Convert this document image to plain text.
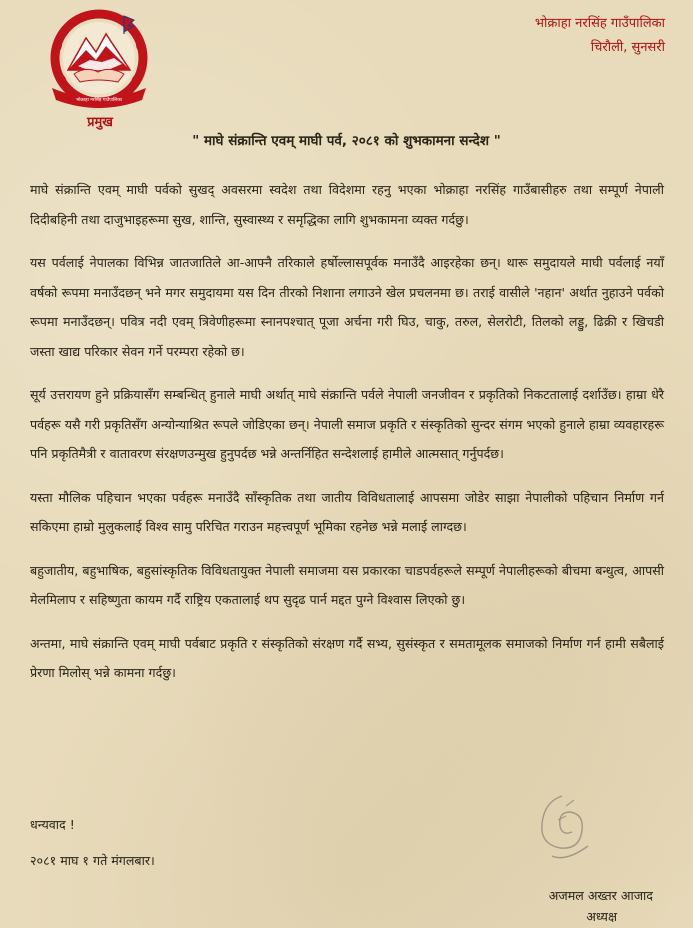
भोक्राहा नरसिंह गाउँपालिका
प्रमुख
भोक्राहा नरसिंह गाउँपालिका
चिरौली, सुनसरी
" माघे संक्रान्ति एवम् माघी पर्व, २०८१ को शुभकामना सन्देश "

माघे संक्रान्ति एवम् माघी पर्वको सुखद् अवसरमा स्वदेश तथा विदेशमा रहनु भएका भोक्राहा नरसिंह गाउँबासीहरु तथा सम्पूर्ण नेपाली दिदीबहिनी तथा दाजुभाइहरूमा सुख, शान्ति, सुस्वास्थ्य र समृद्धिका लागि शुभकामना व्यक्त गर्दछु।

यस पर्वलाई नेपालका विभिन्न जातजातिले आ-आफ्नै तरिकाले हर्षोल्लासपूर्वक मनाउँदै आइरहेका छन्। थारू समुदायले माघी पर्वलाई नयाँ वर्षको रूपमा मनाउँदछन् भने मगर समुदायमा यस दिन तीरको निशाना लगाउने खेल प्रचलनमा छ। तराई वासीले 'नहान' अर्थात नुहाउने पर्वको रूपमा मनाउँदछन्। पवित्र नदी एवम् त्रिवेणीहरूमा स्नानपश्चात् पूजा अर्चना गरी घिउ, चाकु, तरुल, सेलरोटी, तिलको लड्डु, ढिक्री र खिचडी जस्ता खाद्य परिकार सेवन गर्ने परम्परा रहेको छ।

सूर्य उत्तरायण हुने प्रक्रियासँग सम्बन्धित् हुनाले माघी अर्थात् माघे संक्रान्ति पर्वले नेपाली जनजीवन र प्रकृतिको निकटतालाई दर्शाउँछ। हाम्रा धेरै पर्वहरू यसै गरी प्रकृतिसँग अन्योन्याश्रित रूपले जोडिएका छन्। नेपाली समाज प्रकृति र संस्कृतिको सुन्दर संगम भएको हुनाले हाम्रा व्यवहारहरू पनि प्रकृतिमैत्री र वातावरण संरक्षणउन्मुख हुनुपर्दछ भन्ने अन्तर्निहित सन्देशलाई हामीले आत्मसात् गर्नुपर्दछ।

यस्ता मौलिक पहिचान भएका पर्वहरू मनाउँदै साँस्कृतिक तथा जातीय विविधतालाई आपसमा जोडेर साझा नेपालीको पहिचान निर्माण गर्न सकिएमा हाम्रो मुलुकलाई विश्व सामु परिचित गराउन महत्त्वपूर्ण भूमिका रहनेछ भन्ने मलाई लाग्दछ।

बहुजातीय, बहुभाषिक, बहुसांस्कृतिक विविधतायुक्त नेपाली समाजमा यस प्रकारका चाडपर्वहरूले सम्पूर्ण नेपालीहरूको बीचमा बन्धुत्व, आपसी मेलमिलाप र सहिष्णुता कायम गर्दै राष्ट्रिय एकतालाई थप सुदृढ पार्न मद्दत पुग्ने विश्वास लिएको छु।

अन्तमा, माघे संक्रान्ति एवम् माघी पर्वबाट प्रकृति र संस्कृतिको संरक्षण गर्दै सभ्य, सुसंस्कृत र समतामूलक समाजको निर्माण गर्न हामी सबैलाई प्रेरणा मिलोस् भन्ने कामना गर्दछु।

धन्यवाद !
२०८१ माघ १ गते मंगलबार।
अजमल अख्तर आजाद
अध्यक्ष
